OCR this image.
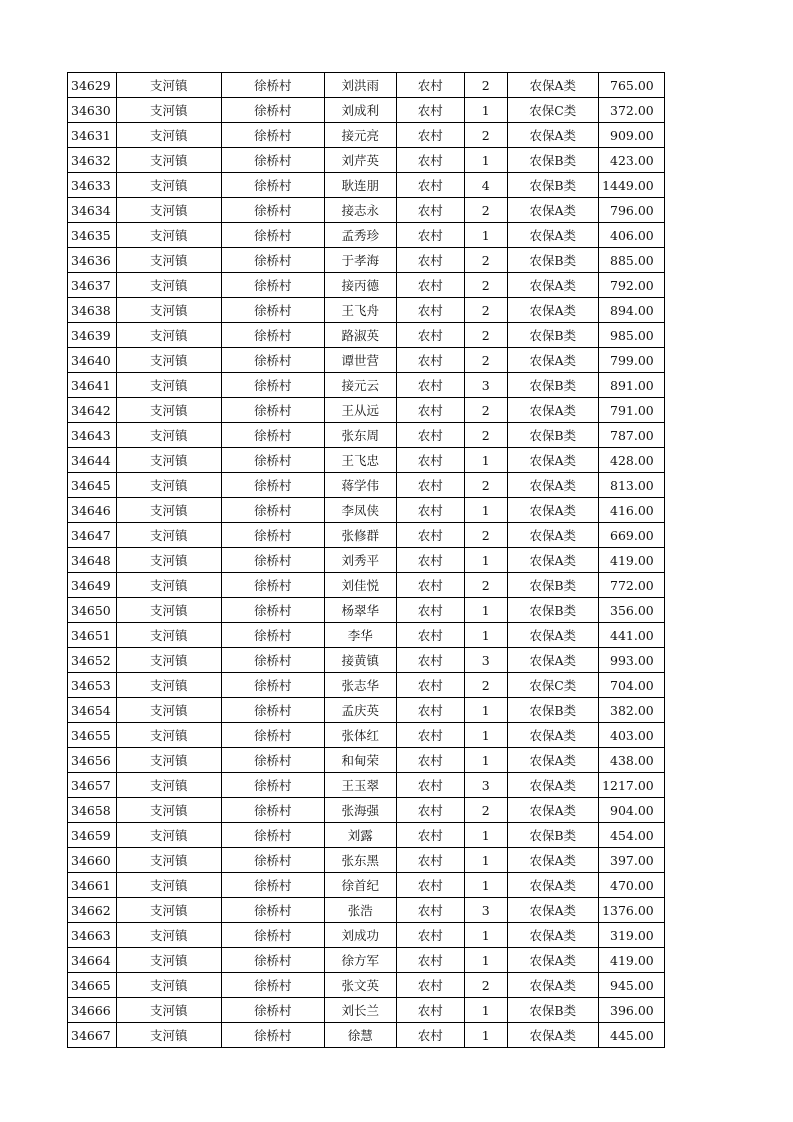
34629	支河镇	徐桥村	刘洪雨	农村	2	农保A类	765.00
34630	支河镇	徐桥村	刘成利	农村	1	农保C类	372.00
34631	支河镇	徐桥村	接元亮	农村	2	农保A类	909.00
34632	支河镇	徐桥村	刘芹英	农村	1	农保B类	423.00
34633	支河镇	徐桥村	耿连朋	农村	4	农保B类	1449.00
34634	支河镇	徐桥村	接志永	农村	2	农保A类	796.00
34635	支河镇	徐桥村	孟秀珍	农村	1	农保A类	406.00
34636	支河镇	徐桥村	于孝海	农村	2	农保B类	885.00
34637	支河镇	徐桥村	接丙德	农村	2	农保A类	792.00
34638	支河镇	徐桥村	王飞舟	农村	2	农保A类	894.00
34639	支河镇	徐桥村	路淑英	农村	2	农保B类	985.00
34640	支河镇	徐桥村	谭世营	农村	2	农保A类	799.00
34641	支河镇	徐桥村	接元云	农村	3	农保B类	891.00
34642	支河镇	徐桥村	王从远	农村	2	农保A类	791.00
34643	支河镇	徐桥村	张东周	农村	2	农保B类	787.00
34644	支河镇	徐桥村	王飞忠	农村	1	农保A类	428.00
34645	支河镇	徐桥村	蒋学伟	农村	2	农保A类	813.00
34646	支河镇	徐桥村	李凤侠	农村	1	农保A类	416.00
34647	支河镇	徐桥村	张修群	农村	2	农保A类	669.00
34648	支河镇	徐桥村	刘秀平	农村	1	农保A类	419.00
34649	支河镇	徐桥村	刘佳悦	农村	2	农保B类	772.00
34650	支河镇	徐桥村	杨翠华	农村	1	农保B类	356.00
34651	支河镇	徐桥村	李华	农村	1	农保A类	441.00
34652	支河镇	徐桥村	接黄镇	农村	3	农保A类	993.00
34653	支河镇	徐桥村	张志华	农村	2	农保C类	704.00
34654	支河镇	徐桥村	孟庆英	农村	1	农保B类	382.00
34655	支河镇	徐桥村	张体红	农村	1	农保A类	403.00
34656	支河镇	徐桥村	和甸荣	农村	1	农保A类	438.00
34657	支河镇	徐桥村	王玉翠	农村	3	农保A类	1217.00
34658	支河镇	徐桥村	张海强	农村	2	农保A类	904.00
34659	支河镇	徐桥村	刘露	农村	1	农保B类	454.00
34660	支河镇	徐桥村	张东黑	农村	1	农保A类	397.00
34661	支河镇	徐桥村	徐首纪	农村	1	农保A类	470.00
34662	支河镇	徐桥村	张浩	农村	3	农保A类	1376.00
34663	支河镇	徐桥村	刘成功	农村	1	农保A类	319.00
34664	支河镇	徐桥村	徐方军	农村	1	农保A类	419.00
34665	支河镇	徐桥村	张文英	农村	2	农保A类	945.00
34666	支河镇	徐桥村	刘长兰	农村	1	农保B类	396.00
34667	支河镇	徐桥村	徐慧	农村	1	农保A类	445.00
